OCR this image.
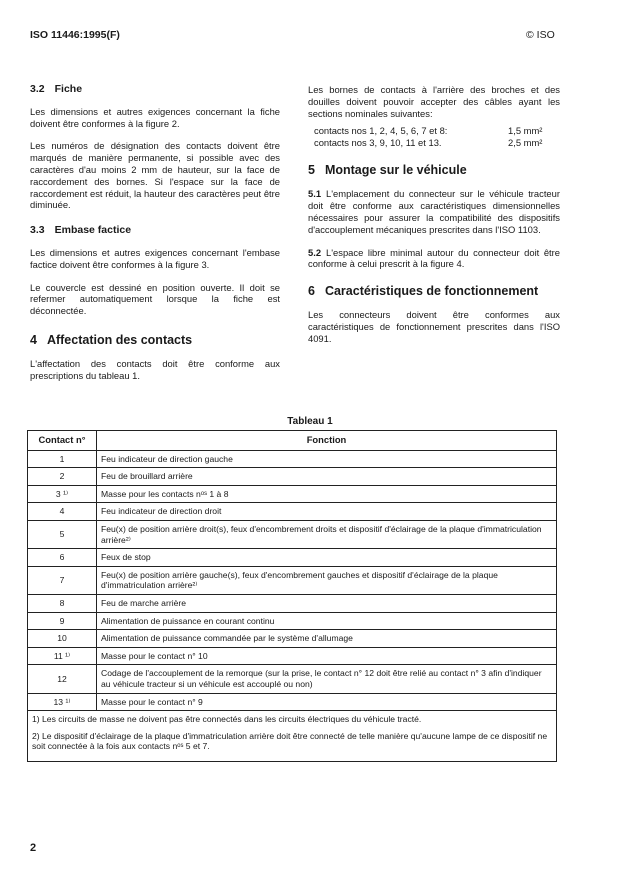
ISO 11446:1995(F)	© ISO
3.2 Fiche

Les dimensions et autres exigences concernant la fiche doivent être conformes à la figure 2.

Les numéros de désignation des contacts doivent être marqués de manière permanente, si possible avec des caractères d'au moins 2 mm de hauteur, sur la face de raccordement des bornes. Si l'espace sur la face de raccordement est réduit, la hauteur des caractères peut être diminuée.

3.3 Embase factice

Les dimensions et autres exigences concernant l'embase factice doivent être conformes à la figure 3.

Le couvercle est dessiné en position ouverte. Il doit se refermer automatiquement lorsque la fiche est déconnectée.

4 Affectation des contacts

L'affectation des contacts doit être conforme aux prescriptions du tableau 1.

Les bornes de contacts à l'arrière des broches et des douilles doivent pouvoir accepter des câbles ayant les sections nominales suivantes:

contacts nos 1, 2, 4, 5, 6, 7 et 8:	1,5 mm²
contacts nos 3, 9, 10, 11 et 13.	2,5 mm²
5 Montage sur le véhicule

5.1 L'emplacement du connecteur sur le véhicule tracteur doit être conforme aux caractéristiques dimensionnelles nécessaires pour assurer la compatibilité des dispositifs d'accouplement mécaniques prescrites dans l'ISO 1103.

5.2 L'espace libre minimal autour du connecteur doit être conforme à celui prescrit à la figure 4.

6 Caractéristiques de fonctionnement

Les connecteurs doivent être conformes aux caractéristiques de fonctionnement prescrites dans l'ISO 4091.

Tableau 1
Contact n°	Fonction
1	Feu indicateur de direction gauche
2	Feu de brouillard arrière
3 ¹⁾	Masse pour les contacts nᵒˢ 1 à 8
4	Feu indicateur de direction droit
5	Feu(x) de position arrière droit(s), feux d'encombrement droits et dispositif d'éclairage de la plaque d'immatriculation arrière²⁾
6	Feux de stop
7	Feu(x) de position arrière gauche(s), feux d'encombrement gauches et dispositif d'éclairage de la plaque d'immatriculation arrière²⁾
8	Feu de marche arrière
9	Alimentation de puissance en courant continu
10	Alimentation de puissance commandée par le système d'allumage
11 ¹⁾	Masse pour le contact n° 10
12	Codage de l'accouplement de la remorque (sur la prise, le contact n° 12 doit être relié au contact n° 3 afin d'indiquer au véhicule tracteur si un véhicule est accouplé ou non)
13 ¹⁾	Masse pour le contact n° 9

1) Les circuits de masse ne doivent pas être connectés dans les circuits électriques du véhicule tracté.
2) Le dispositif d'éclairage de la plaque d'immatriculation arrière doit être connecté de telle manière qu'aucune lampe de ce dispositif ne soit connectée à la fois aux contacts nᵒˢ 5 et 7.	
2
